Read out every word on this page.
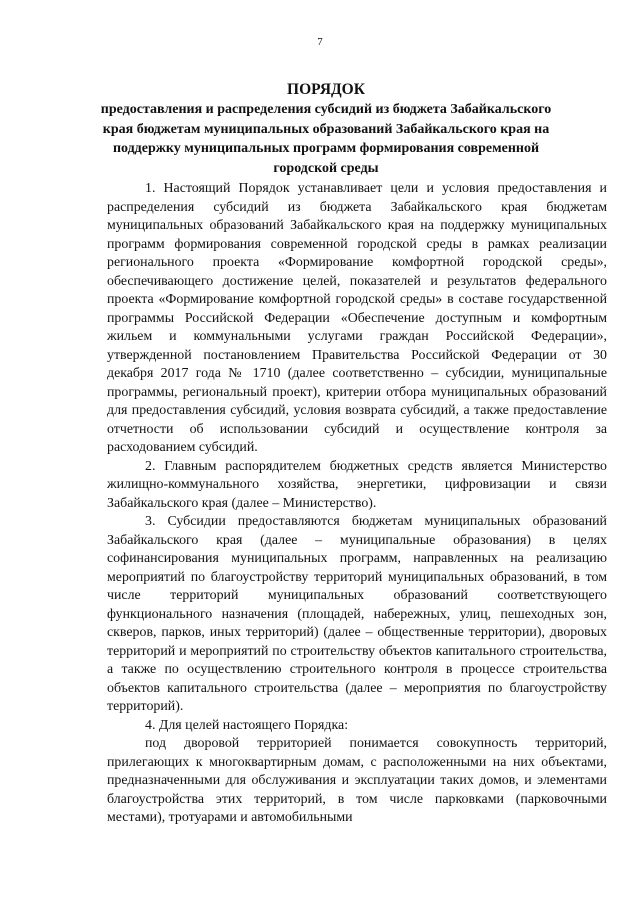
7
ПОРЯДОК
предоставления и распределения субсидий из бюджета Забайкальского края бюджетам муниципальных образований Забайкальского края на поддержку муниципальных программ формирования современной городской среды

1. Настоящий Порядок устанавливает цели и условия предоставления и распределения субсидий из бюджета Забайкальского края бюджетам муниципальных образований Забайкальского края на поддержку муниципальных программ формирования современной городской среды в рамках реализации регионального проекта «Формирование комфортной городской среды», обеспечивающего достижение целей, показателей и результатов федерального проекта «Формирование комфортной городской среды» в составе государственной программы Российской Федерации «Обеспечение доступным и комфортным жильем и коммунальными услугами граждан Российской Федерации», утвержденной постановлением Правительства Российской Федерации от 30 декабря 2017 года № 1710 (далее соответственно – субсидии, муниципальные программы, региональный проект), критерии отбора муниципальных образований для предоставления субсидий, условия возврата субсидий, а также предоставление отчетности об использовании субсидий и осуществление контроля за расходованием субсидий.

2. Главным распорядителем бюджетных средств является Министерство жилищно-коммунального хозяйства, энергетики, цифровизации и связи Забайкальского края (далее – Министерство).

3. Субсидии предоставляются бюджетам муниципальных образований Забайкальского края (далее – муниципальные образования) в целях софинансирования муниципальных программ, направленных на реализацию мероприятий по благоустройству территорий муниципальных образований, в том числе территорий муниципальных образований соответствующего функционального назначения (площадей, набережных, улиц, пешеходных зон, скверов, парков, иных территорий) (далее – общественные территории), дворовых территорий и мероприятий по строительству объектов капитального строительства, а также по осуществлению строительного контроля в процессе строительства объектов капитального строительства (далее – мероприятия по благоустройству территорий).

4. Для целей настоящего Порядка:

под дворовой территорией понимается совокупность территорий, прилегающих к многоквартирным домам, с расположенными на них объектами, предназначенными для обслуживания и эксплуатации таких домов, и элементами благоустройства этих территорий, в том числе парковками (парковочными местами), тротуарами и автомобильными
